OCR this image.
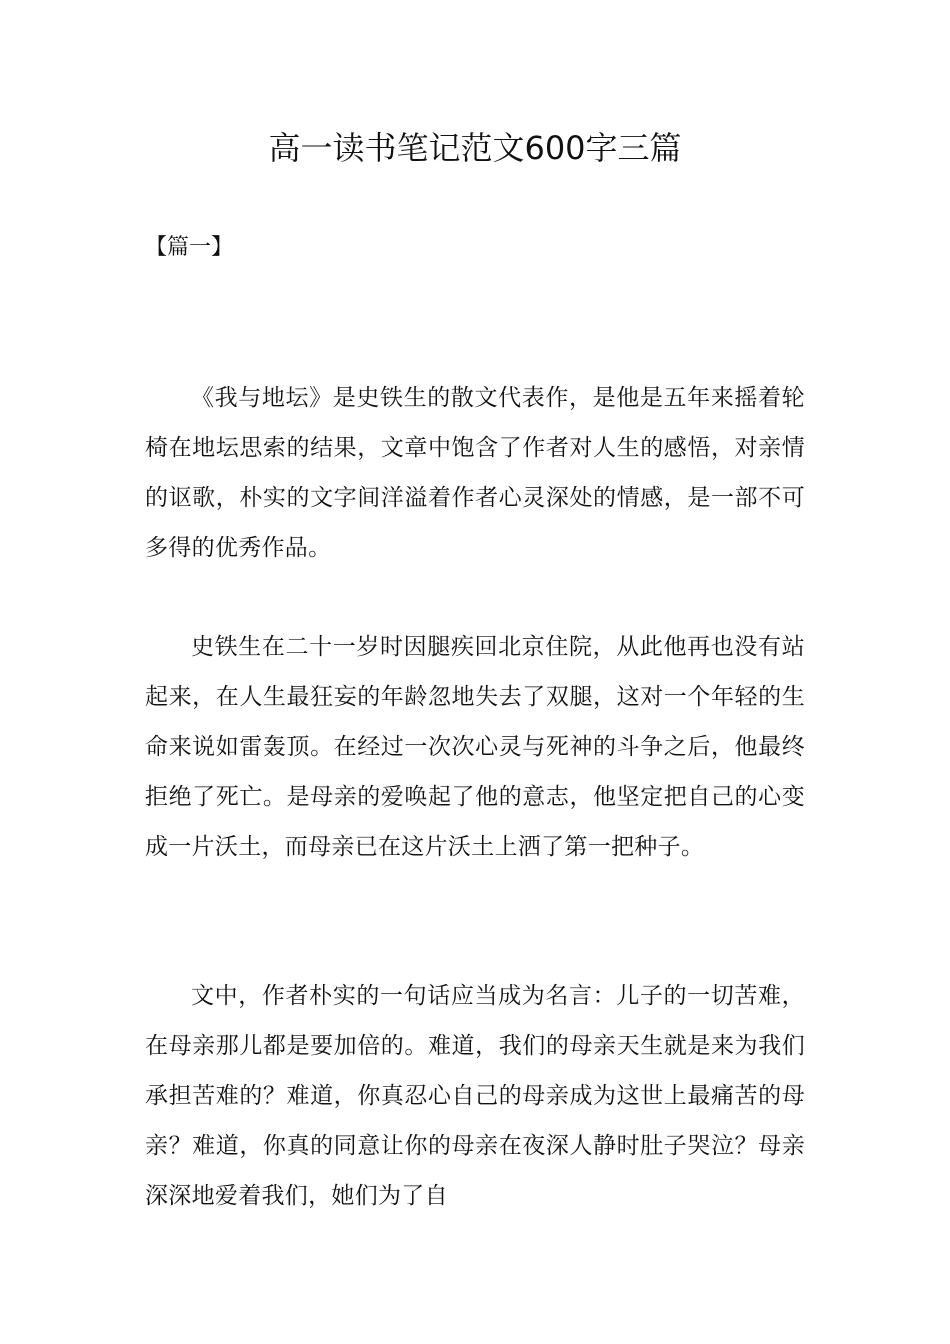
高一读书笔记范文600字三篇
【篇一】

《我与地坛》是史铁生的散文代表作，是他是五年来摇着轮椅在地坛思索的结果，文章中饱含了作者对人生的感悟，对亲情的讴歌，朴实的文字间洋溢着作者心灵深处的情感，是一部不可多得的优秀作品。

史铁生在二十一岁时因腿疾回北京住院，从此他再也没有站起来，在人生最狂妄的年龄忽地失去了双腿，这对一个年轻的生命来说如雷轰顶。在经过一次次心灵与死神的斗争之后，他最终拒绝了死亡。是母亲的爱唤起了他的意志，他坚定把自己的心变成一片沃土，而母亲已在这片沃土上洒了第一把种子。

文中，作者朴实的一句话应当成为名言：儿子的一切苦难，在母亲那儿都是要加倍的。难道，我们的母亲天生就是来为我们承担苦难的？难道，你真忍心自己的母亲成为这世上最痛苦的母亲？难道，你真的同意让你的母亲在夜深人静时肚子哭泣？母亲深深地爱着我们，她们为了自
